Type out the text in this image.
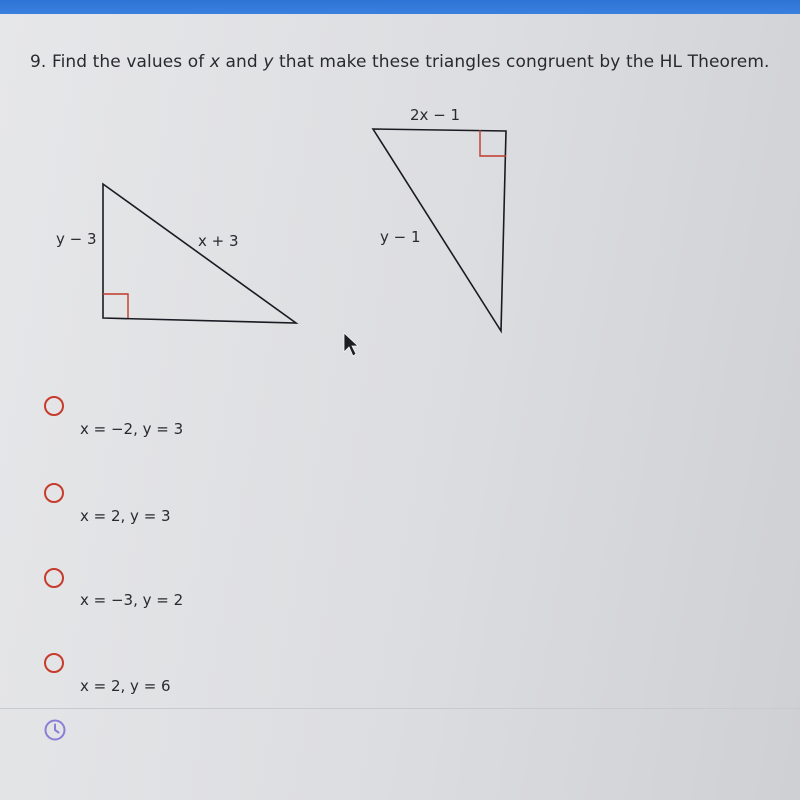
9. Find the values of x and y that make these triangles congruent by the HL Theorem.
y − 3	x + 3
2x − 1
y − 1
x = −2, y = 3
x = 2, y = 3
x = −3, y = 2
x = 2, y = 6
